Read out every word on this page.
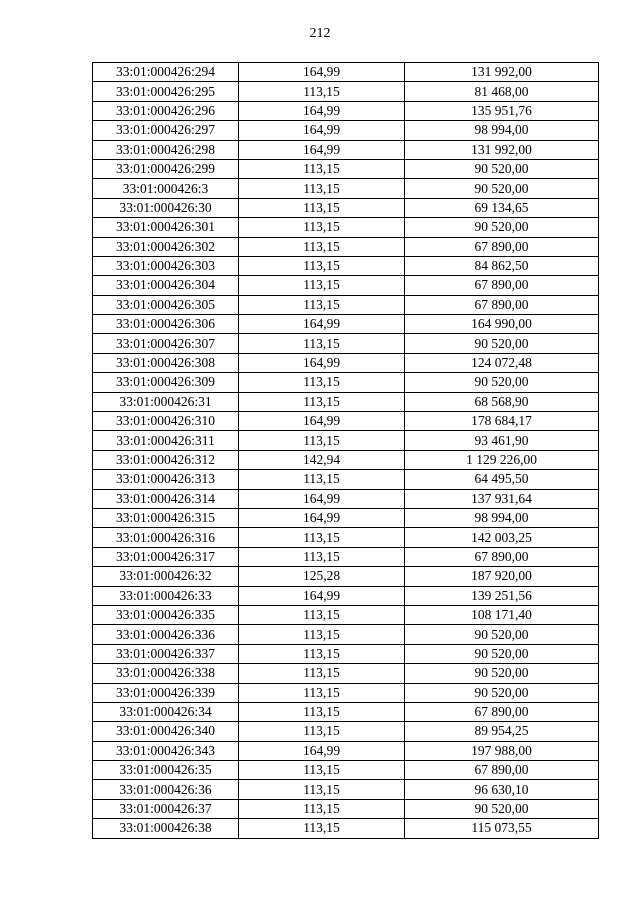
212
33:01:000426:294	164,99	131 992,00
33:01:000426:295	113,15	81 468,00
33:01:000426:296	164,99	135 951,76
33:01:000426:297	164,99	98 994,00
33:01:000426:298	164,99	131 992,00
33:01:000426:299	113,15	90 520,00
33:01:000426:3	113,15	90 520,00
33:01:000426:30	113,15	69 134,65
33:01:000426:301	113,15	90 520,00
33:01:000426:302	113,15	67 890,00
33:01:000426:303	113,15	84 862,50
33:01:000426:304	113,15	67 890,00
33:01:000426:305	113,15	67 890,00
33:01:000426:306	164,99	164 990,00
33:01:000426:307	113,15	90 520,00
33:01:000426:308	164,99	124 072,48
33:01:000426:309	113,15	90 520,00
33:01:000426:31	113,15	68 568,90
33:01:000426:310	164,99	178 684,17
33:01:000426:311	113,15	93 461,90
33:01:000426:312	142,94	1 129 226,00
33:01:000426:313	113,15	64 495,50
33:01:000426:314	164,99	137 931,64
33:01:000426:315	164,99	98 994,00
33:01:000426:316	113,15	142 003,25
33:01:000426:317	113,15	67 890,00
33:01:000426:32	125,28	187 920,00
33:01:000426:33	164,99	139 251,56
33:01:000426:335	113,15	108 171,40
33:01:000426:336	113,15	90 520,00
33:01:000426:337	113,15	90 520,00
33:01:000426:338	113,15	90 520,00
33:01:000426:339	113,15	90 520,00
33:01:000426:34	113,15	67 890,00
33:01:000426:340	113,15	89 954,25
33:01:000426:343	164,99	197 988,00
33:01:000426:35	113,15	67 890,00
33:01:000426:36	113,15	96 630,10
33:01:000426:37	113,15	90 520,00
33:01:000426:38	113,15	115 073,55
